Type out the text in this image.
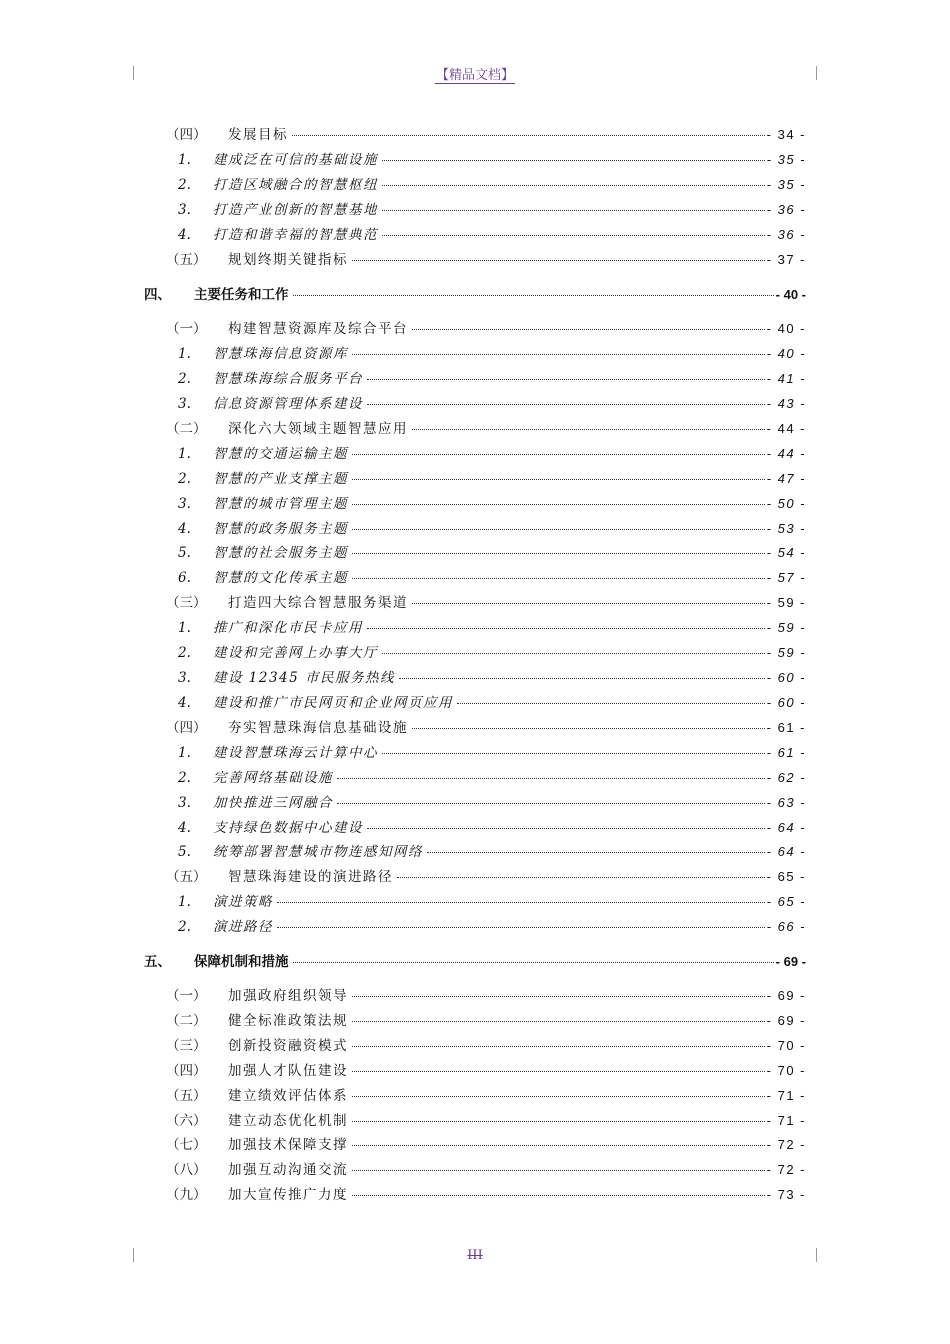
【精品文档】
（四）	发展目标	- 34 -
1.	建成泛在可信的基础设施	- 35 -
2.	打造区域融合的智慧枢纽	- 35 -
3.	打造产业创新的智慧基地	- 36 -
4.	打造和谐幸福的智慧典范	- 36 -
（五）	规划终期关键指标	- 37 -
四、	主要任务和工作	- 40 -
（一）	构建智慧资源库及综合平台	- 40 -
1.	智慧珠海信息资源库	- 40 -
2.	智慧珠海综合服务平台	- 41 -
3.	信息资源管理体系建设	- 43 -
（二）	深化六大领域主题智慧应用	- 44 -
1.	智慧的交通运输主题	- 44 -
2.	智慧的产业支撑主题	- 47 -
3.	智慧的城市管理主题	- 50 -
4.	智慧的政务服务主题	- 53 -
5.	智慧的社会服务主题	- 54 -
6.	智慧的文化传承主题	- 57 -
（三）	打造四大综合智慧服务渠道	- 59 -
1.	推广和深化市民卡应用	- 59 -
2.	建设和完善网上办事大厅	- 59 -
3.	建设 12345 市民服务热线	- 60 -
4.	建设和推广市民网页和企业网页应用	- 60 -
（四）	夯实智慧珠海信息基础设施	- 61 -
1.	建设智慧珠海云计算中心	- 61 -
2.	完善网络基础设施	- 62 -
3.	加快推进三网融合	- 63 -
4.	支持绿色数据中心建设	- 64 -
5.	统筹部署智慧城市物连感知网络	- 64 -
（五）	智慧珠海建设的演进路径	- 65 -
1.	演进策略	- 65 -
2.	演进路径	- 66 -
五、	保障机制和措施	- 69 -
（一）	加强政府组织领导	- 69 -
（二）	健全标准政策法规	- 69 -
（三）	创新投资融资模式	- 70 -
（四）	加强人才队伍建设	- 70 -
（五）	建立绩效评估体系	- 71 -
（六）	建立动态优化机制	- 71 -
（七）	加强技术保障支撑	- 72 -
（八）	加强互动沟通交流	- 72 -
（九）	加大宣传推广力度	- 73 -
III
